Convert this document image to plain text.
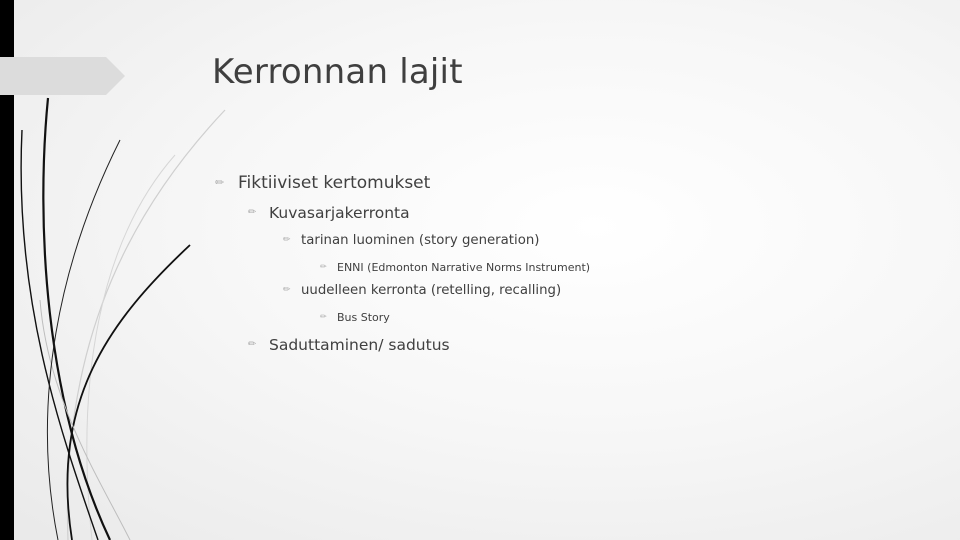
Kerronnan lajit
✏︎ Fiktiiviset kertomukset
✏︎ Kuvasarjakerronta
✏︎ tarinan luominen (story generation)
✏︎ ENNI (Edmonton Narrative Norms Instrument)
✏︎ uudelleen kerronta (retelling, recalling)
✏︎ Bus Story
✏︎ Saduttaminen/ sadutus
